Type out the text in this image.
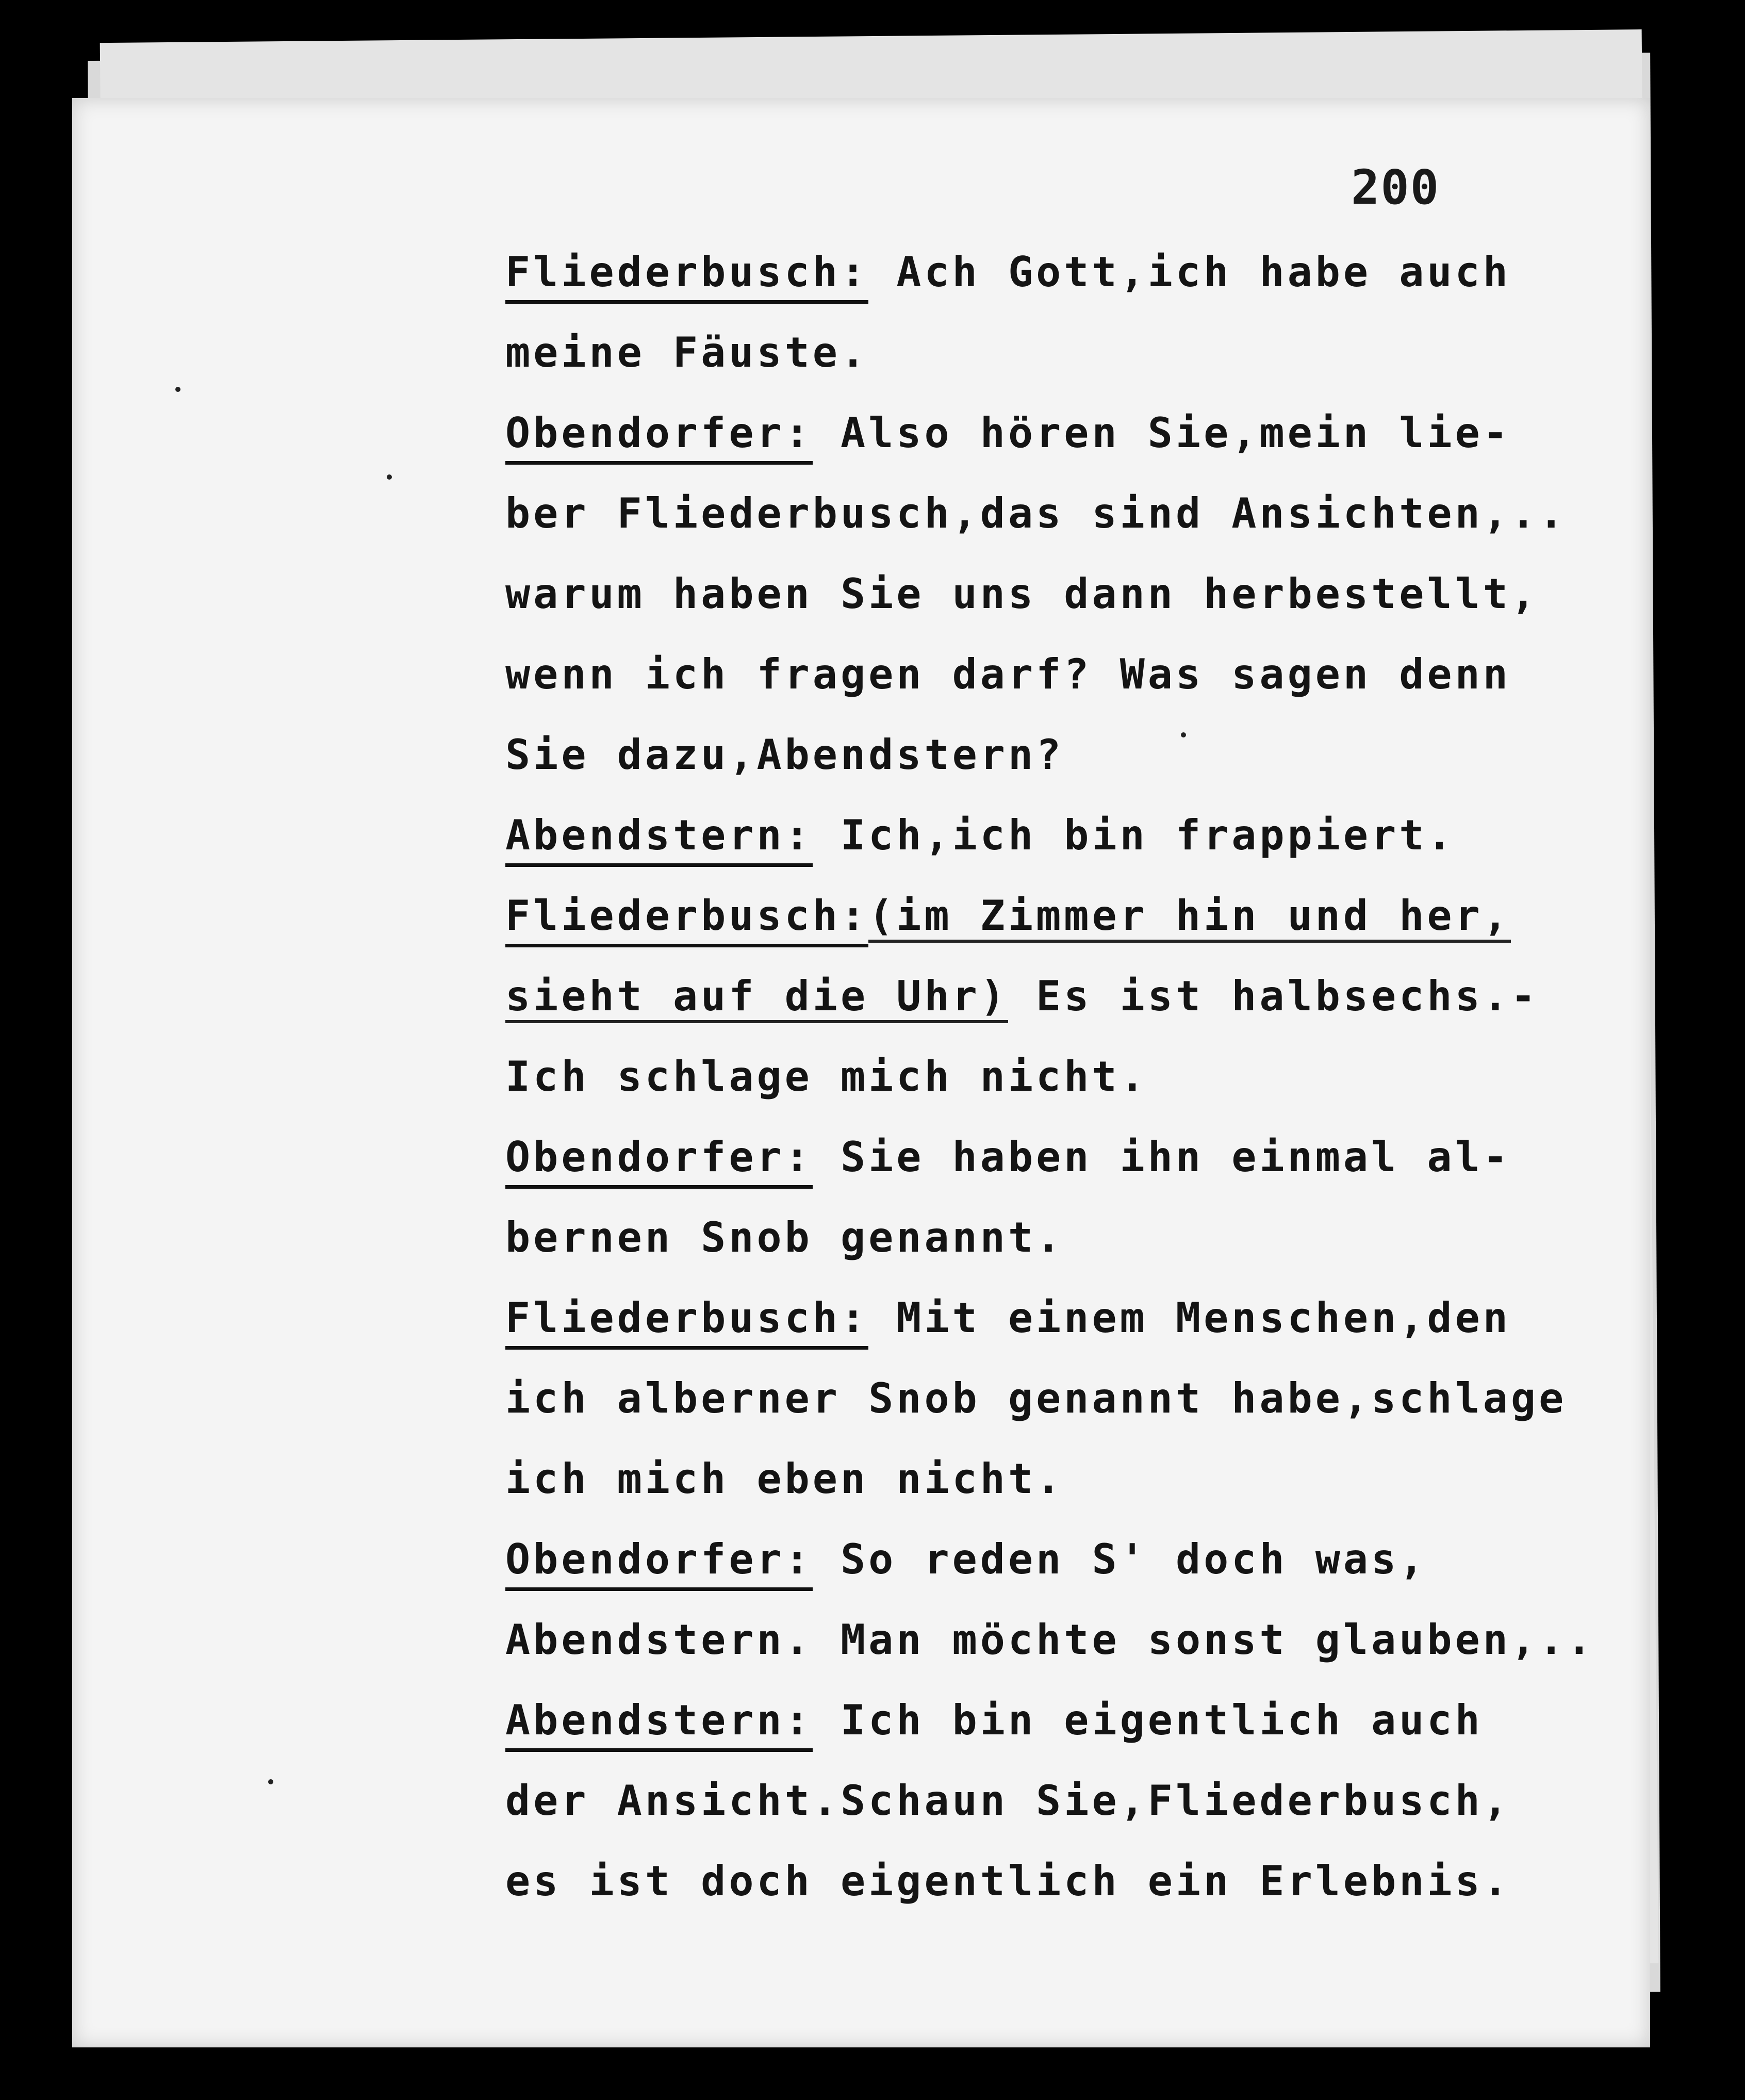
200
Fliederbusch: Ach Gott,ich habe auch
meine Fäuste.
Obendorfer: Also hören Sie,mein lie-
ber Fliederbusch,das sind Ansichten,..
warum haben Sie uns dann herbestellt,
wenn ich fragen darf? Was sagen denn
Sie dazu,Abendstern?
Abendstern: Ich,ich bin frappiert.
Fliederbusch:(im Zimmer hin und her,
sieht auf die Uhr) Es ist halbsechs.-
Ich schlage mich nicht.
Obendorfer: Sie haben ihn einmal al-
bernen Snob genannt.
Fliederbusch: Mit einem Menschen,den
ich alberner Snob genannt habe,schlage
ich mich eben nicht.
Obendorfer: So reden S' doch was,
Abendstern. Man möchte sonst glauben,..
Abendstern: Ich bin eigentlich auch
der Ansicht.Schaun Sie,Fliederbusch,
es ist doch eigentlich ein Erlebnis.
